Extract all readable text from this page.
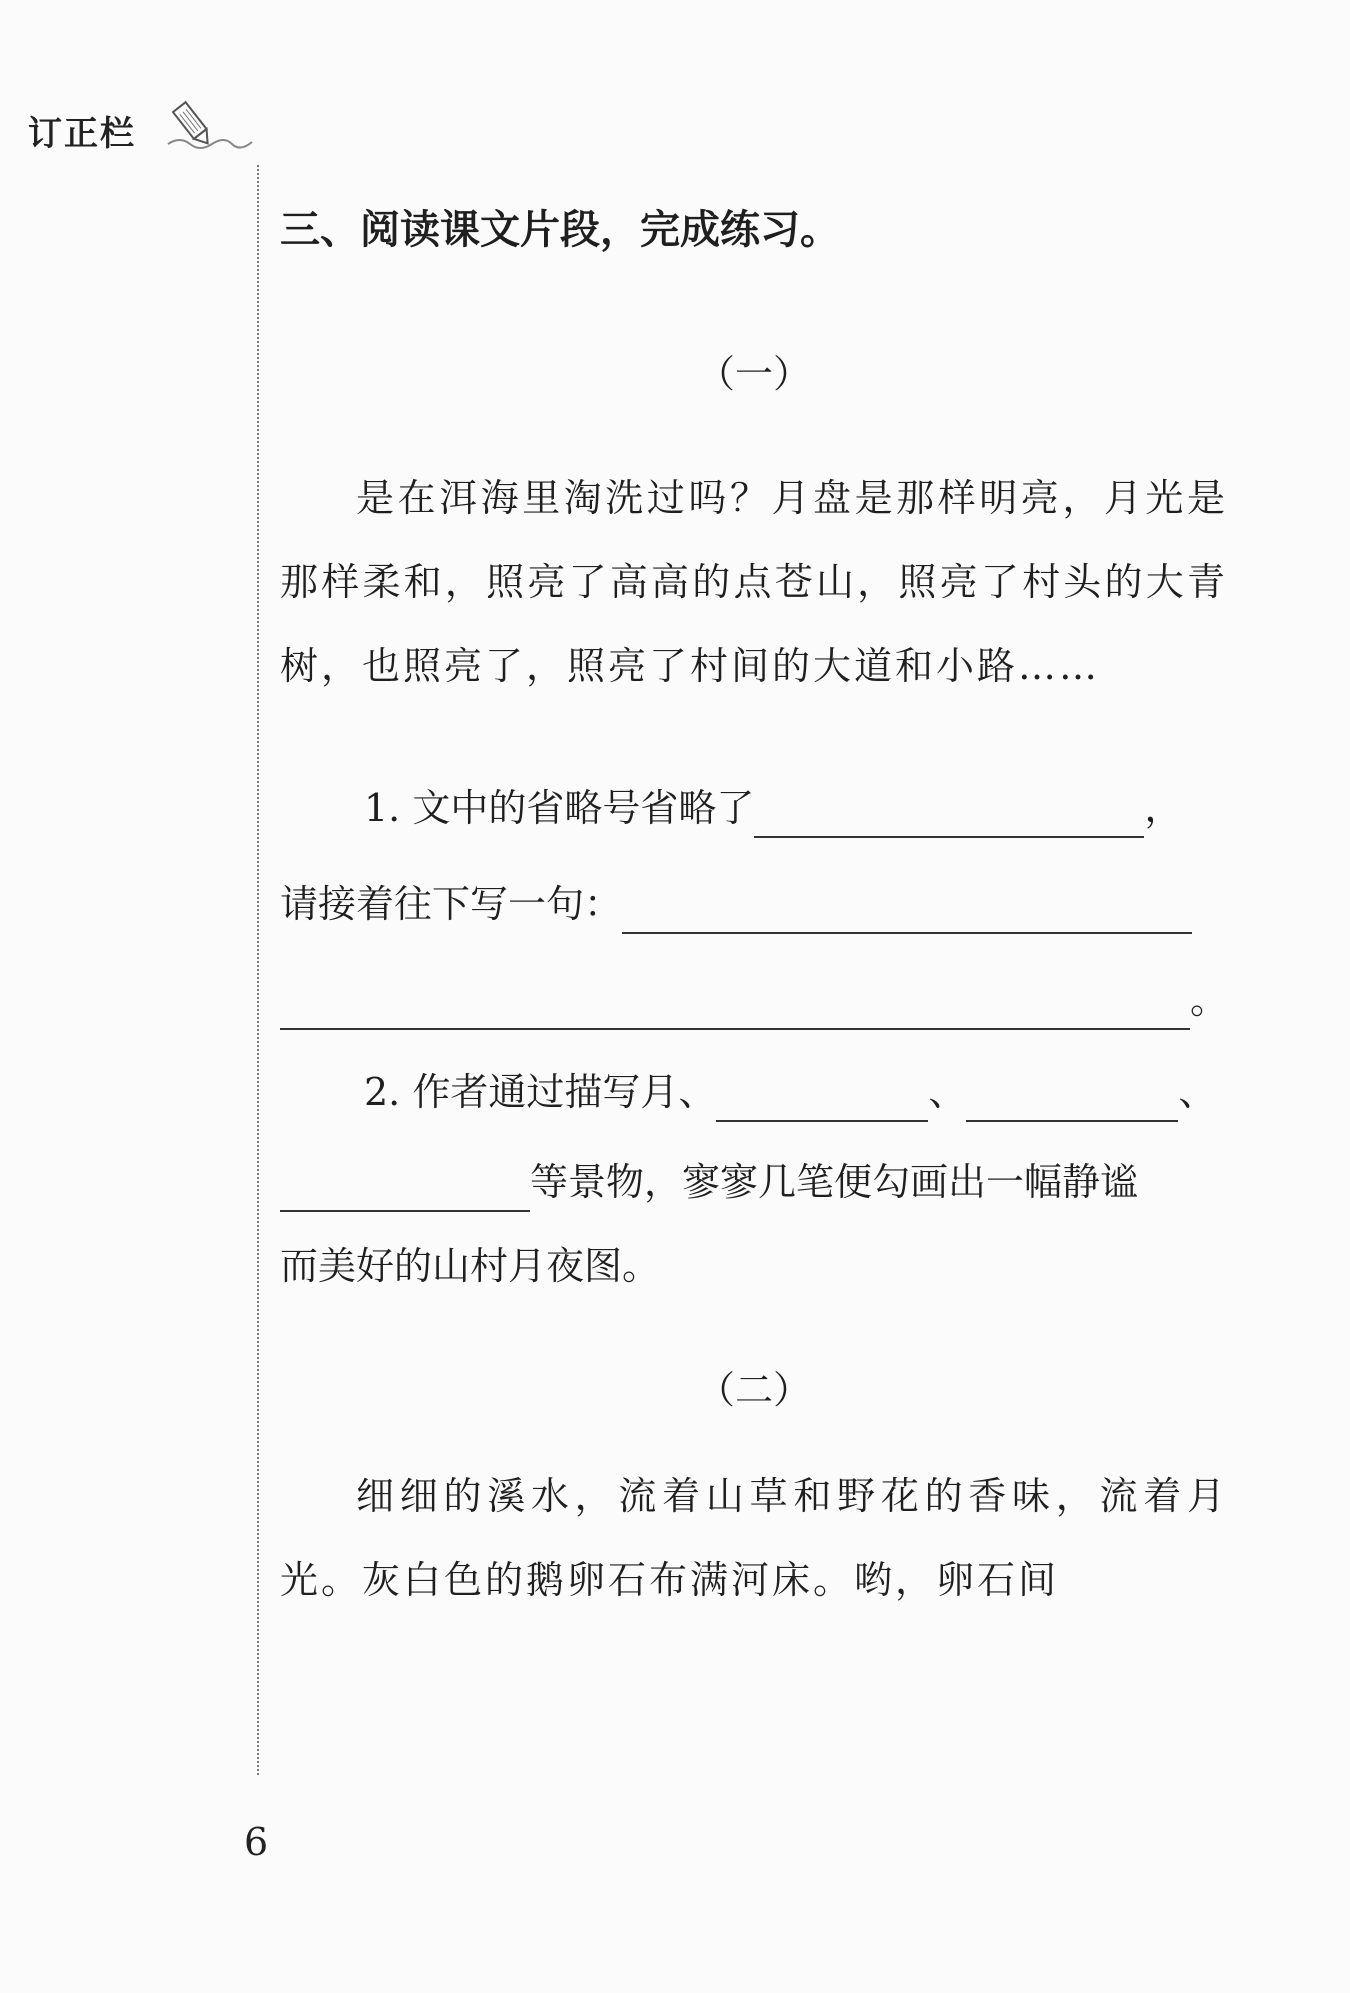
订正栏
三、阅读课文片段，完成练习。
（一）

是在洱海里淘洗过吗？月盘是那样明亮，月光是那样柔和，照亮了高高的点苍山，照亮了村头的大青树，也照亮了，照亮了村间的大道和小路……

1. 文中的省略号省略了	，

请接着往下写一句：

。

2. 作者通过描写月、	、	、

等景物，寥寥几笔便勾画出一幅静谧

而美好的山村月夜图。

（二）

细细的溪水，流着山草和野花的香味，流着月光。灰白色的鹅卵石布满河床。哟，卵石间

6
